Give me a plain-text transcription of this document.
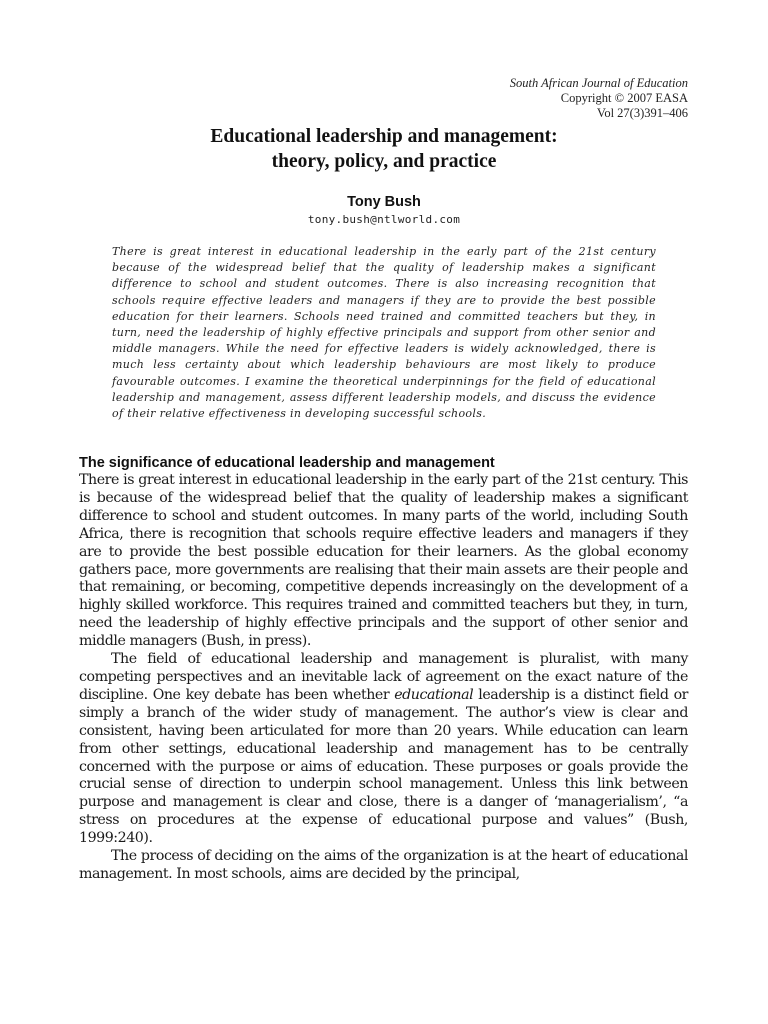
South African Journal of Education
Copyright © 2007 EASA
Vol 27(3)391–406
Educational leadership and management:
theory, policy, and practice
Tony Bush
tony.bush@ntlworld.com
There is great interest in educational leadership in the early part of the 21st century because of the widespread belief that the quality of leadership makes a significant difference to school and student outcomes. There is also increasing recognition that schools require effective leaders and managers if they are to provide the best possible education for their learners. Schools need trained and committed teachers but they, in turn, need the leadership of highly effective principals and support from other senior and middle managers. While the need for effective leaders is widely acknowledged, there is much less certainty about which leadership behaviours are most likely to produce favourable outcomes. I examine the theoretical underpinnings for the field of educational leadership and management, assess different leadership models, and discuss the evidence of their relative effectiveness in developing successful schools.
The significance of educational leadership and management

There is great interest in educational leadership in the early part of the 21st century. This is because of the widespread belief that the quality of leadership makes a significant difference to school and student outcomes. In many parts of the world, including South Africa, there is recognition that schools require effective leaders and managers if they are to provide the best possible education for their learners. As the global economy gathers pace, more governments are realising that their main assets are their people and that remaining, or becoming, competitive depends increasingly on the development of a highly skilled workforce. This requires trained and committed teachers but they, in turn, need the leadership of highly effective principals and the support of other senior and middle managers (Bush, in press).

The field of educational leadership and management is pluralist, with many competing perspectives and an inevitable lack of agreement on the exact nature of the discipline. One key debate has been whether educational leadership is a distinct field or simply a branch of the wider study of management. The author’s view is clear and consistent, having been articulated for more than 20 years. While education can learn from other settings, educational leadership and management has to be centrally concerned with the purpose or aims of education. These purposes or goals provide the crucial sense of direction to underpin school management. Unless this link between purpose and management is clear and close, there is a danger of ‘managerialism’, “a stress on procedures at the expense of educational purpose and values” (Bush, 1999:240).

The process of deciding on the aims of the organization is at the heart of educational management. In most schools, aims are decided by the principal,
